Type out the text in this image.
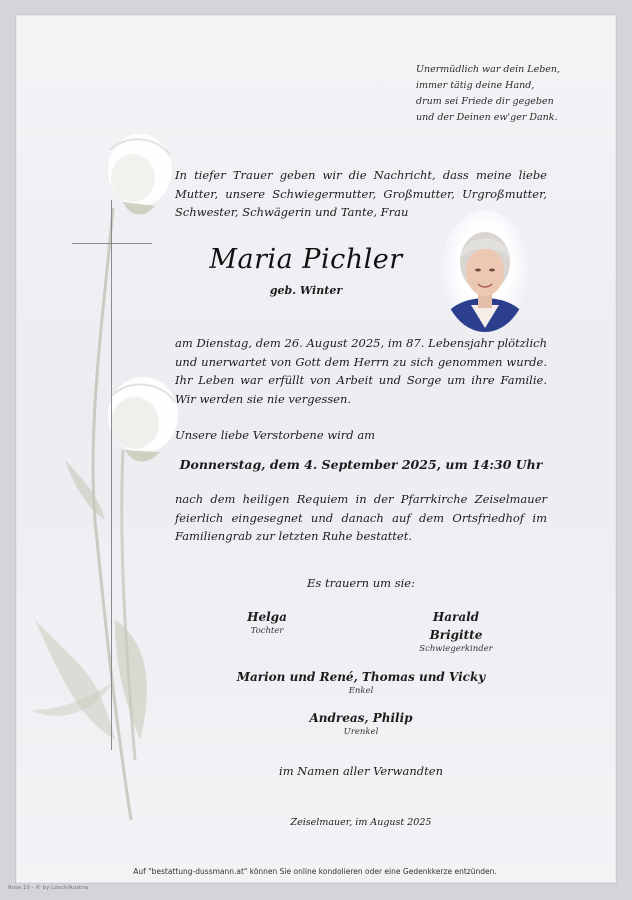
Unermüdlich war dein Leben,
immer tätig deine Hand,
drum sei Friede dir gegeben
und der Deinen ew'ger Dank.
In tiefer Trauer geben wir die Nachricht, dass meine liebe Mutter, unsere Schwiegermutter, Großmutter, Urgroßmutter, Schwester, Schwägerin und Tante, Frau
Maria Pichler
geb. Winter
am Dienstag, dem 26. August 2025, im 87. Lebensjahr plötzlich und unerwartet von Gott dem Herrn zu sich genommen wurde. Ihr Leben war erfüllt von Arbeit und Sorge um ihre Familie. Wir werden sie nie vergessen.
Unsere liebe Verstorbene wird am
Donnerstag, dem 4. September 2025, um 14:30 Uhr
nach dem heiligen Requiem in der Pfarrkirche Zeiselmauer feierlich eingesegnet und danach auf dem Ortsfriedhof im Familiengrab zur letzten Ruhe bestattet.
Es trauern um sie:
Helga
Tochter
Harald
Brigitte
Schwiegerkinder
Marion und René, Thomas und Vicky
Enkel
Andreas, Philip
Urenkel
im Namen aller Verwandten
Zeiselmauer, im August 2025
Auf "bestattung-dussmann.at" können Sie online kondolieren oder eine Gedenkkerze entzünden.
Rose 10 - © by Lösch/Austria
